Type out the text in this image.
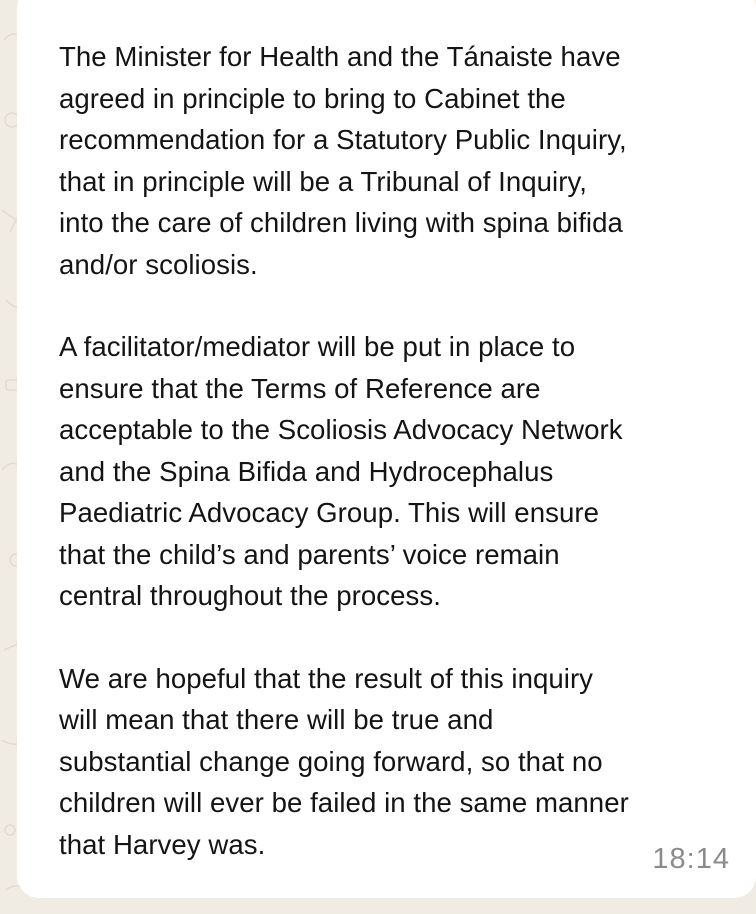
The Minister for Health and the Tánaiste have
agreed in principle to bring to Cabinet the
recommendation for a Statutory Public Inquiry,
that in principle will be a Tribunal of Inquiry,
into the care of children living with spina bifida
and/or scoliosis.

A facilitator/mediator will be put in place to
ensure that the Terms of Reference are
acceptable to the Scoliosis Advocacy Network
and the Spina Bifida and Hydrocephalus
Paediatric Advocacy Group. This will ensure
that the child’s and parents’ voice remain
central throughout the process.

We are hopeful that the result of this inquiry
will mean that there will be true and
substantial change going forward, so that no
children will ever be failed in the same manner
that Harvey was.	18:14
